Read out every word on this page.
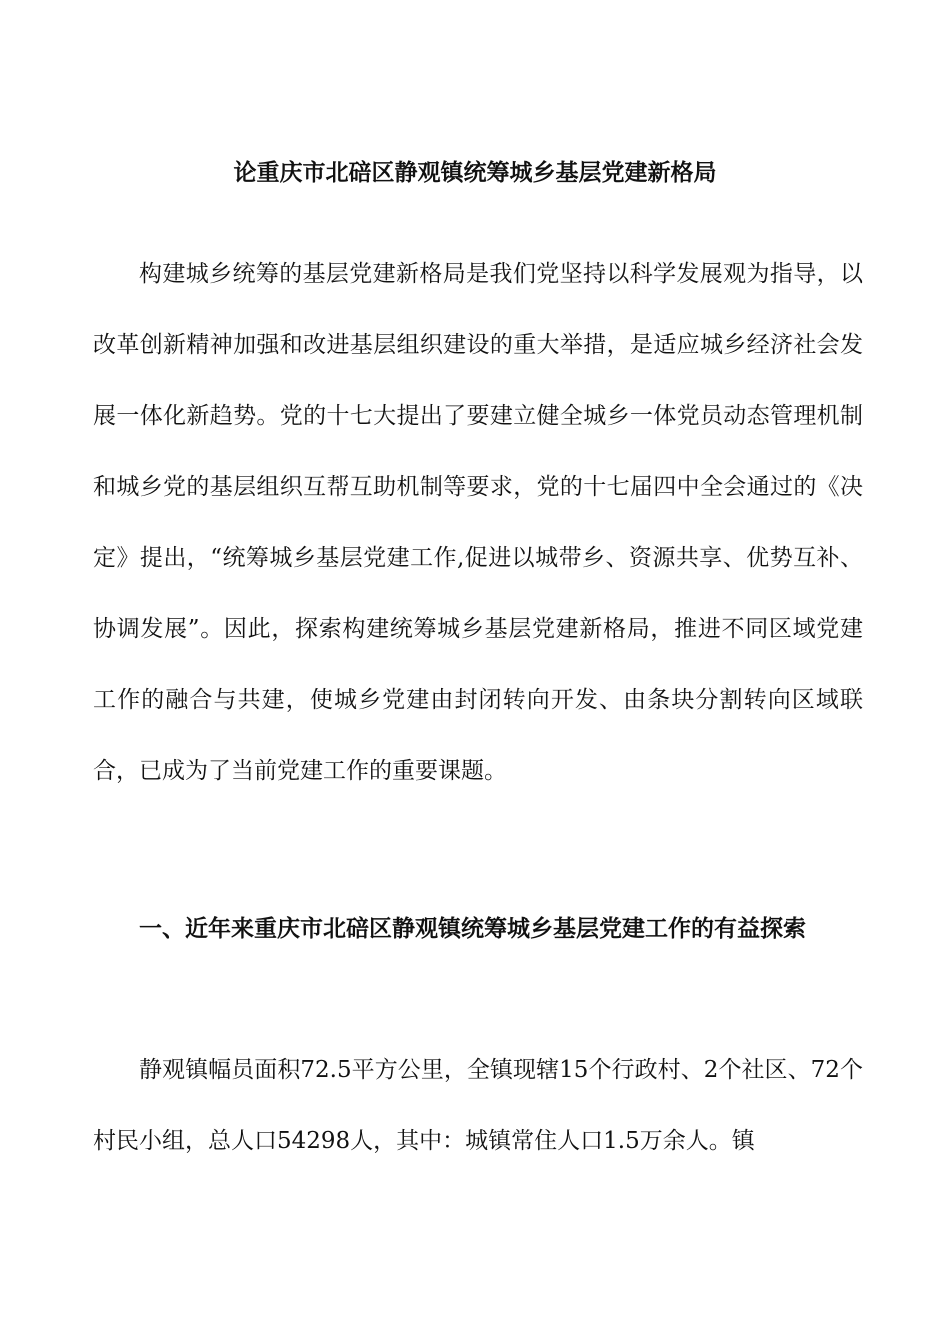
论重庆市北碚区静观镇统筹城乡基层党建新格局

构建城乡统筹的基层党建新格局是我们党坚持以科学发展观为指导，以改革创新精神加强和改进基层组织建设的重大举措，是适应城乡经济社会发展一体化新趋势。党的十七大提出了要建立健全城乡一体党员动态管理机制和城乡党的基层组织互帮互助机制等要求，党的十七届四中全会通过的《决定》提出，“统筹城乡基层党建工作,促进以城带乡、资源共享、优势互补、协调发展”。因此，探索构建统筹城乡基层党建新格局，推进不同区域党建工作的融合与共建，使城乡党建由封闭转向开发、由条块分割转向区域联合，已成为了当前党建工作的重要课题。

一、近年来重庆市北碚区静观镇统筹城乡基层党建工作的有益探索

静观镇幅员面积72.5平方公里，全镇现辖15个行政村、2个社区、72个村民小组，总人口54298人，其中：城镇常住人口1.5万余人。镇
